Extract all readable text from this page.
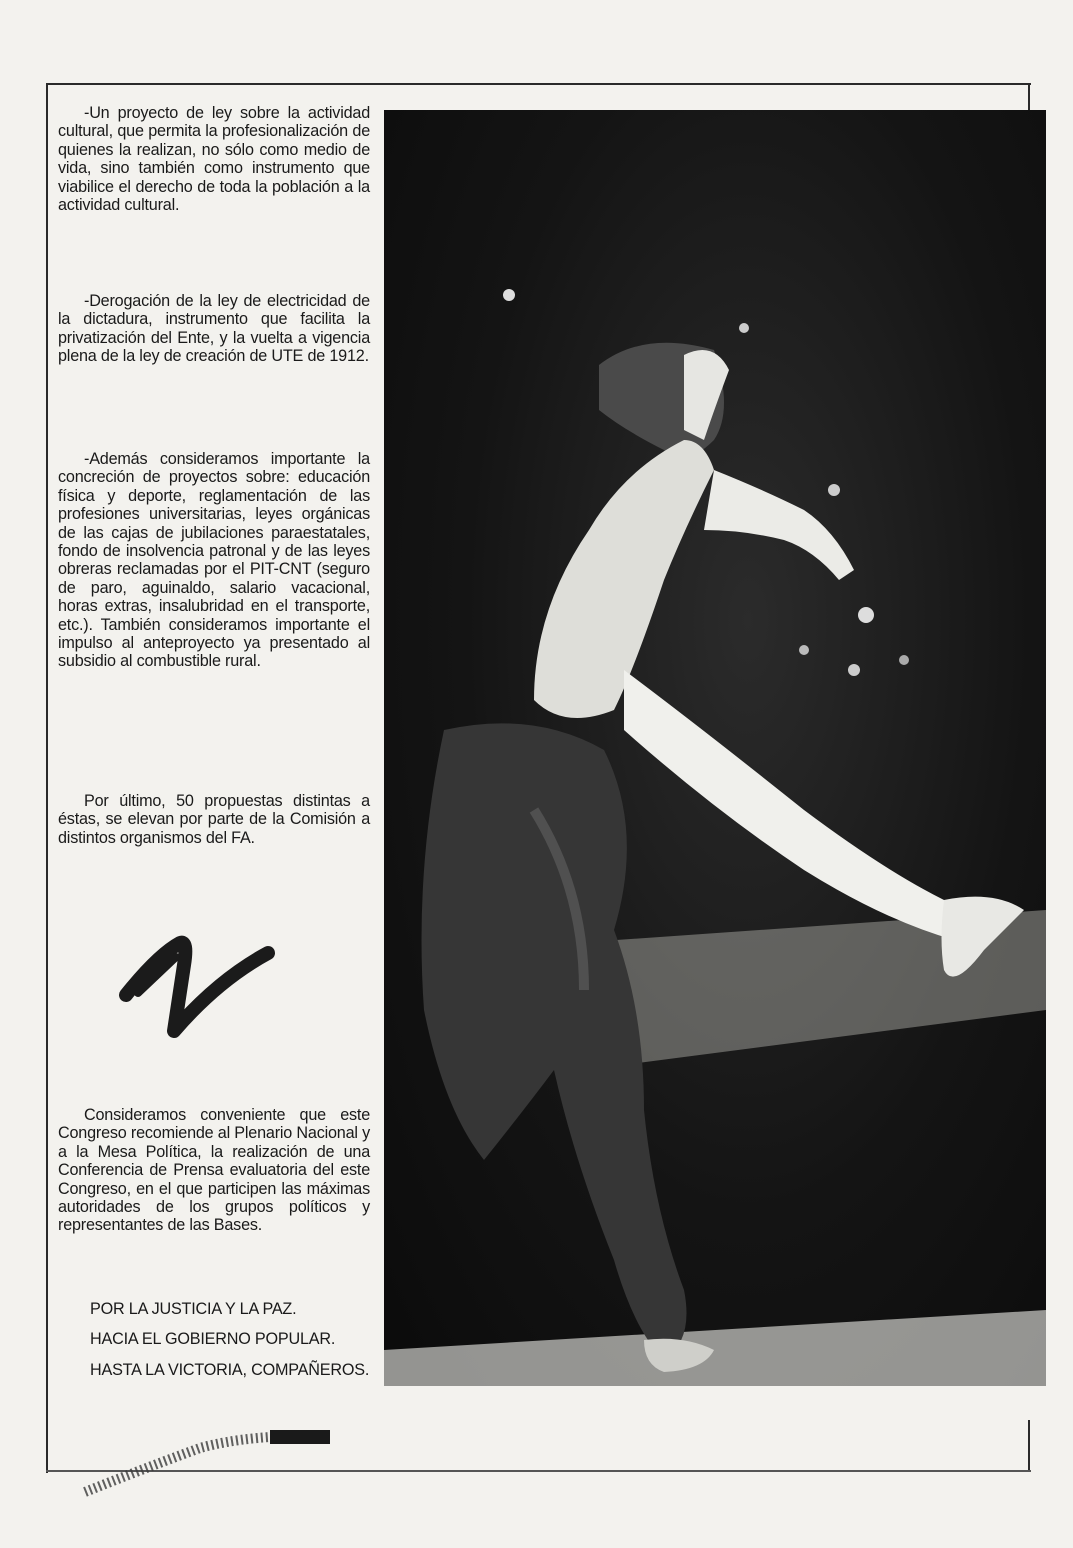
-Un proyecto de ley sobre la actividad cultural, que permita la profesionalización de quienes la realizan, no sólo como medio de vida, sino también como instrumento que viabilice el derecho de toda la población a la actividad cultural.

-Derogación de la ley de electricidad de la dictadura, instrumento que facilita la privatización del Ente, y la vuelta a vigencia plena de la ley de creación de UTE de 1912.

-Además consideramos importante la concreción de proyectos sobre: educación física y deporte, reglamentación de las profesiones universitarias, leyes orgánicas de las cajas de jubilaciones paraestatales, fondo de insolvencia patronal y de las leyes obreras reclamadas por el PIT-CNT (seguro de paro, aguinaldo, salario vacacional, horas extras, insalubridad en el transporte, etc.). También consideramos importante el impulso al anteproyecto ya presentado al subsidio al combustible rural.

Por último, 50 propuestas distintas a éstas, se elevan por parte de la Comisión a distintos organismos del FA.

Consideramos conveniente que este Congreso recomiende al Plenario Nacional y a la Mesa Política, la realización de una Conferencia de Prensa evaluatoria del este Congreso, en el que participen las máximas autoridades de los grupos políticos y representantes de las Bases.

POR LA JUSTICIA Y LA PAZ.

HACIA EL GOBIERNO POPULAR.

HASTA LA VICTORIA, COMPAÑEROS.
